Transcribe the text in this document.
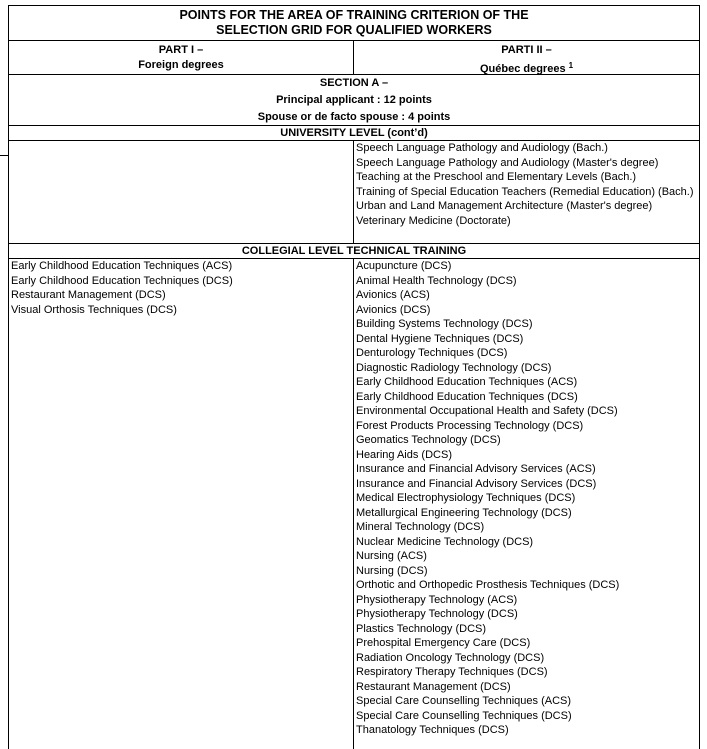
POINTS FOR THE AREA OF TRAINING CRITERION OF THE
SELECTION GRID FOR QUALIFIED WORKERS
PART I –
Foreign degrees
PARTI II –
Québec degrees $^1$
SECTION A –
Principal applicant : 12 points
Spouse or de facto spouse : 4 points
UNIVERSITY LEVEL (cont’d)
Speech Language Pathology and Audiology (Bach.)
Speech Language Pathology and Audiology (Master's degree)
Teaching at the Preschool and Elementary Levels (Bach.)
Training of Special Education Teachers (Remedial Education) (Bach.)
Urban and Land Management Architecture (Master's degree)
Veterinary Medicine (Doctorate)
COLLEGIAL LEVEL TECHNICAL TRAINING
Early Childhood Education Techniques (ACS)
Early Childhood Education Techniques (DCS)
Restaurant Management (DCS)
Visual Orthosis Techniques (DCS)
Acupuncture (DCS)
Animal Health Technology (DCS)
Avionics (ACS)
Avionics (DCS)
Building Systems Technology (DCS)
Dental Hygiene Techniques (DCS)
Denturology Techniques (DCS)
Diagnostic Radiology Technology (DCS)
Early Childhood Education Techniques (ACS)
Early Childhood Education Techniques (DCS)
Environmental Occupational Health and Safety (DCS)
Forest Products Processing Technology (DCS)
Geomatics Technology (DCS)
Hearing Aids (DCS)
Insurance and Financial Advisory Services (ACS)
Insurance and Financial Advisory Services (DCS)
Medical Electrophysiology Techniques (DCS)
Metallurgical Engineering Technology (DCS)
Mineral Technology (DCS)
Nuclear Medicine Technology (DCS)
Nursing (ACS)
Nursing (DCS)
Orthotic and Orthopedic Prosthesis Techniques (DCS)
Physiotherapy Technology (ACS)
Physiotherapy Technology (DCS)
Plastics Technology (DCS)
Prehospital Emergency Care (DCS)
Radiation Oncology Technology (DCS)
Respiratory Therapy Techniques (DCS)
Restaurant Management (DCS)
Special Care Counselling Techniques (ACS)
Special Care Counselling Techniques (DCS)
Thanatology Techniques (DCS)
